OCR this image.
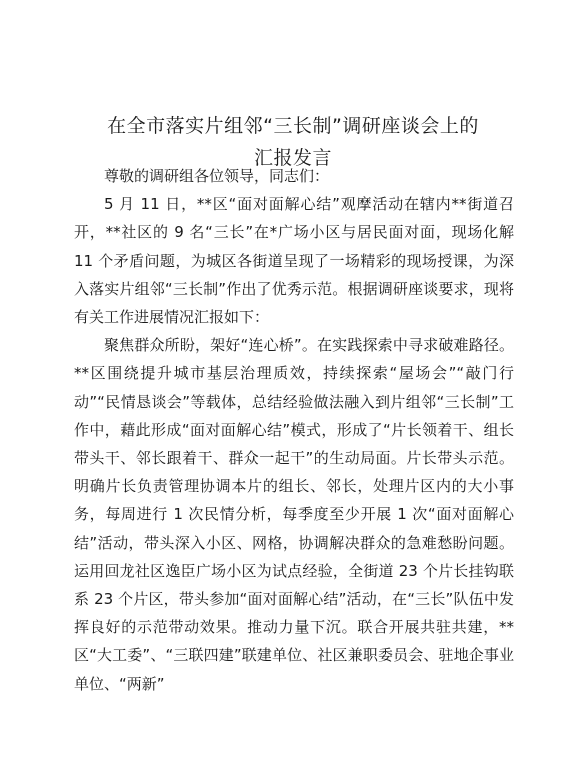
在全市落实片组邻“三长制”调研座谈会上的
汇报发言

尊敬的调研组各位领导，同志们：

5 月 11 日，**区“面对面解心结”观摩活动在辖内**街道召开，**社区的 9 名“三长”在*广场小区与居民面对面，现场化解 11 个矛盾问题，为城区各街道呈现了一场精彩的现场授课，为深入落实片组邻“三长制”作出了优秀示范。根据调研座谈要求，现将有关工作进展情况汇报如下：

聚焦群众所盼，架好“连心桥”。在实践探索中寻求破难路径。**区围绕提升城市基层治理质效，持续探索“屋场会”“敲门行动”“民情恳谈会”等载体，总结经验做法融入到片组邻“三长制”工作中，藉此形成“面对面解心结”模式，形成了“片长领着干、组长带头干、邻长跟着干、群众一起干”的生动局面。片长带头示范。明确片长负责管理协调本片的组长、邻长，处理片区内的大小事务，每周进行 1 次民情分析，每季度至少开展 1 次“面对面解心结”活动，带头深入小区、网格，协调解决群众的急难愁盼问题。运用回龙社区逸臣广场小区为试点经验，全街道 23 个片长挂钩联系 23 个片区，带头参加“面对面解心结”活动，在“三长”队伍中发挥良好的示范带动效果。推动力量下沉。联合开展共驻共建，**区“大工委”、“三联四建”联建单位、社区兼职委员会、驻地企事业单位、“两新”
